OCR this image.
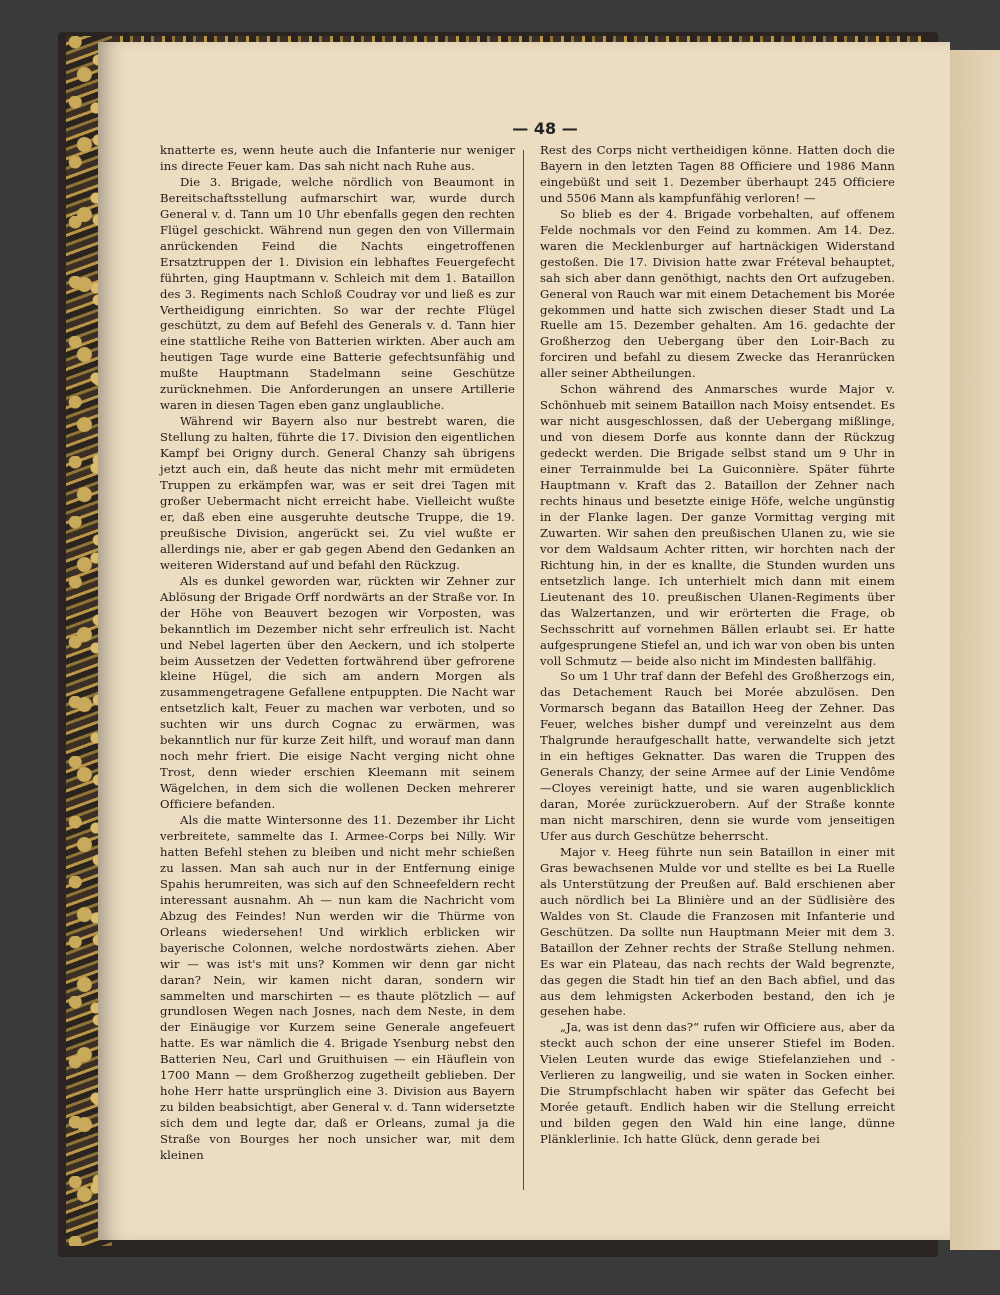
— 48 —

knatterte es, wenn heute auch die Infanterie nur weniger ins directe Feuer kam. Das sah nicht nach Ruhe aus.

Die 3. Brigade, welche nördlich von Beaumont in Bereitschaftsstellung aufmarschirt war, wurde durch General v. d. Tann um 10 Uhr ebenfalls gegen den rechten Flügel geschickt. Während nun gegen den von Villermain anrückenden Feind die Nachts eingetroffenen Ersatztruppen der 1. Division ein lebhaftes Feuergefecht führten, ging Hauptmann v. Schleich mit dem 1. Bataillon des 3. Regiments nach Schloß Coudray vor und ließ es zur Vertheidigung einrichten. So war der rechte Flügel geschützt, zu dem auf Befehl des Generals v. d. Tann hier eine stattliche Reihe von Batterien wirkten. Aber auch am heutigen Tage wurde eine Batterie gefechtsunfähig und mußte Hauptmann Stadelmann seine Geschütze zurücknehmen. Die Anforderungen an unsere Artillerie waren in diesen Tagen eben ganz unglaubliche.

Während wir Bayern also nur bestrebt waren, die Stellung zu halten, führte die 17. Division den eigentlichen Kampf bei Origny durch. General Chanzy sah übrigens jetzt auch ein, daß heute das nicht mehr mit ermüdeten Truppen zu erkämpfen war, was er seit drei Tagen mit großer Uebermacht nicht erreicht habe. Vielleicht wußte er, daß eben eine ausgeruhte deutsche Truppe, die 19. preußische Division, angerückt sei. Zu viel wußte er allerdings nie, aber er gab gegen Abend den Gedanken an weiteren Widerstand auf und befahl den Rückzug.

Als es dunkel geworden war, rückten wir Zehner zur Ablösung der Brigade Orff nordwärts an der Straße vor. In der Höhe von Beauvert bezogen wir Vorposten, was bekanntlich im Dezember nicht sehr erfreulich ist. Nacht und Nebel lagerten über den Aeckern, und ich stolperte beim Aussetzen der Vedetten fortwährend über gefrorene kleine Hügel, die sich am andern Morgen als zusammengetragene Gefallene entpuppten. Die Nacht war entsetzlich kalt, Feuer zu machen war verboten, und so suchten wir uns durch Cognac zu erwärmen, was bekanntlich nur für kurze Zeit hilft, und worauf man dann noch mehr friert. Die eisige Nacht verging nicht ohne Trost, denn wieder erschien Kleemann mit seinem Wägelchen, in dem sich die wollenen Decken mehrerer Officiere befanden.

Als die matte Wintersonne des 11. Dezember ihr Licht verbreitete, sammelte das I. Armee-Corps bei Nilly. Wir hatten Befehl stehen zu bleiben und nicht mehr schießen zu lassen. Man sah auch nur in der Entfernung einige Spahis herumreiten, was sich auf den Schneefeldern recht interessant ausnahm. Ah — nun kam die Nachricht vom Abzug des Feindes! Nun werden wir die Thürme von Orleans wiedersehen! Und wirklich erblicken wir bayerische Colonnen, welche nordostwärts ziehen. Aber wir — was ist's mit uns? Kommen wir denn gar nicht daran? Nein, wir kamen nicht daran, sondern wir sammelten und marschirten — es thaute plötzlich — auf grundlosen Wegen nach Josnes, nach dem Neste, in dem der Einäugige vor Kurzem seine Generale angefeuert hatte. Es war nämlich die 4. Brigade Ysenburg nebst den Batterien Neu, Carl und Gruithuisen — ein Häuflein von 1700 Mann — dem Großherzog zugetheilt geblieben. Der hohe Herr hatte ursprünglich eine 3. Division aus Bayern zu bilden beabsichtigt, aber General v. d. Tann widersetzte sich dem und legte dar, daß er Orleans, zumal ja die Straße von Bourges her noch unsicher war, mit dem kleinen

Rest des Corps nicht vertheidigen könne. Hatten doch die Bayern in den letzten Tagen 88 Officiere und 1986 Mann eingebüßt und seit 1. Dezember überhaupt 245 Officiere und 5506 Mann als kampfunfähig verloren! —

So blieb es der 4. Brigade vorbehalten, auf offenem Felde nochmals vor den Feind zu kommen. Am 14. Dez. waren die Mecklenburger auf hartnäckigen Widerstand gestoßen. Die 17. Division hatte zwar Fréteval behauptet, sah sich aber dann genöthigt, nachts den Ort aufzugeben. General von Rauch war mit einem Detachement bis Morée gekommen und hatte sich zwischen dieser Stadt und La Ruelle am 15. Dezember gehalten. Am 16. gedachte der Großherzog den Uebergang über den Loir-Bach zu forciren und befahl zu diesem Zwecke das Heranrücken aller seiner Abtheilungen.

Schon während des Anmarsches wurde Major v. Schönhueb mit seinem Bataillon nach Moisy entsendet. Es war nicht ausgeschlossen, daß der Uebergang mißlinge, und von diesem Dorfe aus konnte dann der Rückzug gedeckt werden. Die Brigade selbst stand um 9 Uhr in einer Terrainmulde bei La Guiconnière. Später führte Hauptmann v. Kraft das 2. Bataillon der Zehner nach rechts hinaus und besetzte einige Höfe, welche ungünstig in der Flanke lagen. Der ganze Vormittag verging mit Zuwarten. Wir sahen den preußischen Ulanen zu, wie sie vor dem Waldsaum Achter ritten, wir horchten nach der Richtung hin, in der es knallte, die Stunden wurden uns entsetzlich lange. Ich unterhielt mich dann mit einem Lieutenant des 10. preußischen Ulanen-Regiments über das Walzertanzen, und wir erörterten die Frage, ob Sechsschritt auf vornehmen Bällen erlaubt sei. Er hatte aufgesprungene Stiefel an, und ich war von oben bis unten voll Schmutz — beide also nicht im Mindesten ballfähig.

So um 1 Uhr traf dann der Befehl des Großherzogs ein, das Detachement Rauch bei Morée abzulösen. Den Vormarsch begann das Bataillon Heeg der Zehner. Das Feuer, welches bisher dumpf und vereinzelnt aus dem Thalgrunde heraufgeschallt hatte, verwandelte sich jetzt in ein heftiges Geknatter. Das waren die Truppen des Generals Chanzy, der seine Armee auf der Linie Vendôme—Cloyes vereinigt hatte, und sie waren augenblicklich daran, Morée zurückzuerobern. Auf der Straße konnte man nicht marschiren, denn sie wurde vom jenseitigen Ufer aus durch Geschütze beherrscht.

Major v. Heeg führte nun sein Bataillon in einer mit Gras bewachsenen Mulde vor und stellte es bei La Ruelle als Unterstützung der Preußen auf. Bald erschienen aber auch nördlich bei La Blinière und an der Südlisière des Waldes von St. Claude die Franzosen mit Infanterie und Geschützen. Da sollte nun Hauptmann Meier mit dem 3. Bataillon der Zehner rechts der Straße Stellung nehmen. Es war ein Plateau, das nach rechts der Wald begrenzte, das gegen die Stadt hin tief an den Bach abfiel, und das aus dem lehmigsten Ackerboden bestand, den ich je gesehen habe.

„Ja, was ist denn das?“ rufen wir Officiere aus, aber da steckt auch schon der eine unserer Stiefel im Boden. Vielen Leuten wurde das ewige Stiefelanziehen und -Verlieren zu langweilig, und sie waten in Socken einher. Die Strumpfschlacht haben wir später das Gefecht bei Morée getauft. Endlich haben wir die Stellung erreicht und bilden gegen den Wald hin eine lange, dünne Plänklerlinie. Ich hatte Glück, denn gerade bei
